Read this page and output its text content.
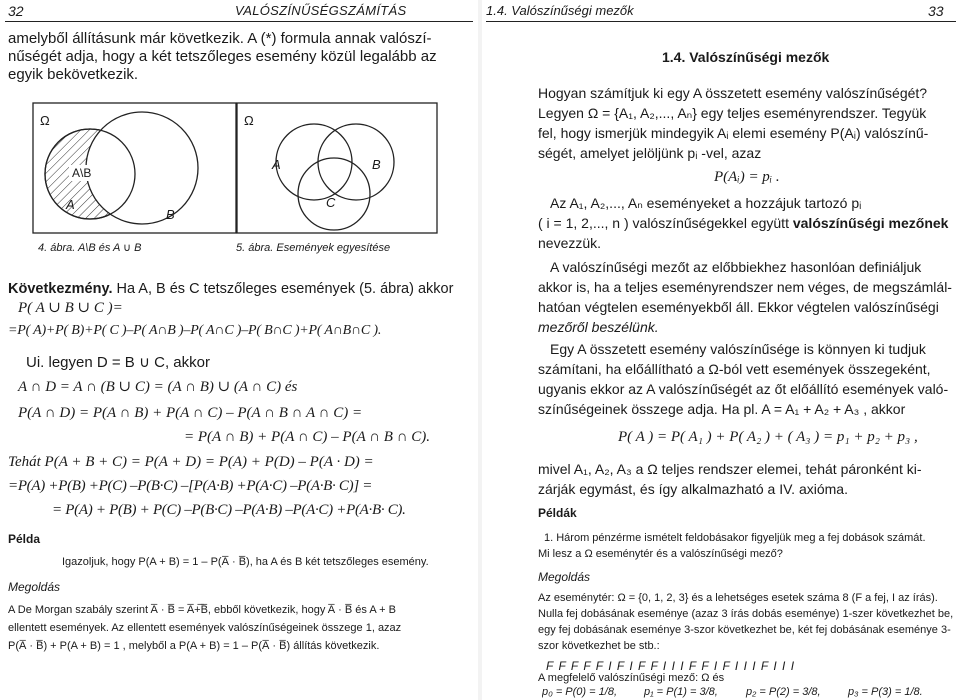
32	VALÓSZÍNŰSÉGSZÁMÍTÁS
amelyből állításunk már következik. A (*) formula annak valószí-
nűségét adja, hogy a két tetszőleges esemény közül legalább az
egyik bekövetkezik.
Ω
A\B
A
B
4. ábra. A\B és A ∪ B
Ω
A	B
C
5. ábra. Események egyesítése
Következmény. Ha A, B és C tetszőleges események (5. ábra) akkor
P( A ∪ B ∪ C )=
=P( A)+P( B)+P( C )–P( A∩B )–P( A∩C )–P( B∩C )+P( A∩B∩C ).
Ui. legyen D = B ∪ C, akkor
A ∩ D = A ∩ (B ∪ C) = (A ∩ B) ∪ (A ∩ C) és
P(A ∩ D) = P(A ∩ B) + P(A ∩ C) – P(A ∩ B ∩ A ∩ C) =
= P(A ∩ B) + P(A ∩ C) – P(A ∩ B ∩ C).
Tehát P(A + B + C) = P(A + D) = P(A) + P(D) – P(A · D) =
=P(A) +P(B) +P(C) –P(B·C) –[P(A·B) +P(A·C) –P(A·B· C)] =
= P(A) + P(B) + P(C) –P(B·C) –P(A·B) –P(A·C) +P(A·B· C).
Példa
Igazoljuk, hogy P(A + B) = 1 – P(A̅ · B̅), ha A és B két tetszőleges esemény.
Megoldás
A De Morgan szabály szerint A̅ · B̅ = A̅+̅B̅, ebből következik, hogy A̅ · B̅ és A + B
ellentett események. Az ellentett események valószínűségeinek összege 1, azaz
P(A̅ · B̅) + P(A + B) = 1 , melyből a P(A + B) = 1 – P(A̅ · B̅) állítás következik.
1.4. Valószínűségi mezők	33
1.4. Valószínűségi mezők
Hogyan számítjuk ki egy A összetett esemény valószínűségét?
Legyen Ω = {A₁, A₂,..., Aₙ} egy teljes eseményrendszer. Tegyük
fel, hogy ismerjük mindegyik Aᵢ elemi esemény P(Aᵢ) valószínű-
ségét, amelyet jelöljünk pᵢ -vel, azaz
P(Aᵢ) = pᵢ .
Az A₁, A₂,..., Aₙ eseményeket a hozzájuk tartozó pᵢ
( i = 1, 2,..., n ) valószínűségekkel együtt valószínűségi mezőnek
nevezzük.
A valószínűségi mezőt az előbbiekhez hasonlóan definiáljuk
akkor is, ha a teljes eseményrendszer nem véges, de megszámlál-
hatóan végtelen eseményekből áll. Ekkor végtelen valószínűségi
mezőről beszélünk.
Egy A összetett esemény valószínűsége is könnyen ki tudjuk
számítani, ha előállítható a Ω-ból vett események összegeként,
ugyanis ekkor az A valószínűségét az őt előállító események való-
színűségeinek összege adja. Ha pl. A = A₁ + A₂ + A₃ , akkor
P( A ) = P( A₁ ) + P( A₂ ) + ( A₃ ) = p₁ + p₂ + p₃ ,
mivel A₁, A₂, A₃ a Ω teljes rendszer elemei, tehát páronként ki-
zárják egymást, és így alkalmazható a IV. axióma.
Példák
1. Három pénzérme ismételt feldobásakor figyeljük meg a fej dobások számát.
Mi lesz a Ω eseménytér és a valószínűségi mező?
Megoldás
Az eseménytér: Ω = {0, 1, 2, 3} és a lehetséges esetek száma 8 (F a fej, I az írás).
Nulla fej dobásának eseménye (azaz 3 írás dobás eseménye) 1-szer következhet be,
egy fej dobásának eseménye 3-szor következhet be, két fej dobásának eseménye 3-
szor következhet be stb.:
F F F F F I F I F F I I I F F I F I I I F I I I
A megfelelő valószínűségi mező: Ω és
p₀ = P(0) = 1/8, p₁ = P(1) = 3/8,	p₂ = P(2) = 3/8, p₃ = P(3) = 1/8.
